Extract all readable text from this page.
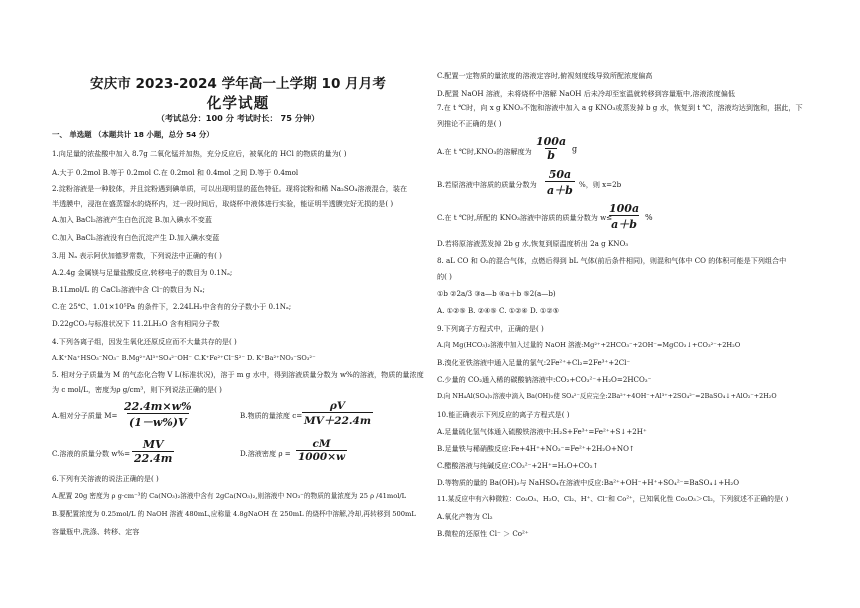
安庆市 2023-2024 学年高一上学期 10 月月考
化学试题
（考试总分：100 分 考试时长： 75 分钟）
一、 单选题 （本题共计 18 小题，总分 54 分）
1.向足量的浓盐酸中加入 8.7g 二氧化锰并加热，充分反应后，被氧化的 HCl 的物质的量为( )
A.大于 0.2mol B.等于 0.2mol C.在 0.2mol 和 0.4mol 之间 D.等于 0.4mol
2.淀粉溶液是一种胶体，并且淀粉遇到碘单质，可以出现明显的蓝色特征。现将淀粉和稀 Na₂SO₄溶液混合，装在
半透膜中，浸泡在盛蒸馏水的烧杯内，过一段时间后，取烧杯中液体进行实验，能证明半透膜完好无损的是( )
A.加入 BaCl₂溶液产生白色沉淀 B.加入碘水不变蓝
C.加入 BaCl₂溶液没有白色沉淀产生 D.加入碘水变蓝
3.用 Nₐ 表示阿伏加德罗常数，下列说法中正确的有( )
A.2.4g 金属镁与足量盐酸反应,转移电子的数目为 0.1Nₐ;
B.1Lmol/L 的 CaCl₂溶液中含 Cl⁻的数目为 Nₐ;
C.在 25℃、1.01×10⁵Pa 的条件下，2.24LH₂中含有的分子数小于 0.1Nₐ;
D.22gCO₂与标准状况下 11.2LH₂O 含有相同分子数
4.下列各离子组，因发生氧化还原反应而不大量共存的是( )
A.K⁺Na⁺HSO₃⁻NO₃⁻ B.Mg²⁺Al³⁺SO₄²⁻OH⁻ C.K⁺Fe²⁺Cl⁻S²⁻ D. K⁺Ba²⁺NO₃⁻SO₃²⁻
5. 相对分子质量为 M 的气态化合物 V L(标准状况)，溶于 m g 水中，得到溶液质量分数为 w%的溶液，物质的量浓度
为 c mol/L，密度为ρ g/cm³，则下列说法正确的是( )
A.相对分子质量 $M= \frac{22.4m\times w\%}{(1-w\%)V}$	B.物质的量浓度 $c= \frac{\rho V}{MV+22.4m}$
C.溶液的质量分数 $w\%= \frac{MV}{22.4m}$	D.溶液密度 $\rho = \frac{cM}{1000\times w}$
6.下列有关溶液的说法正确的是( )
A.配置 20g 密度为 ρ g·cm⁻³的 Ca(NO₃)₂溶液中含有 2gCa(NO₃)₂,则溶液中 NO₃⁻的物质的量浓度为 25 ρ /41mol/L
B.要配置浓度为 0.25mol/L 的 NaOH 溶液 480mL,应称量 4.8gNaOH 在 250mL 的烧杯中溶解,冷却,再转移到 500mL
容量瓶中,洗涤、转移、定容
C.配置一定物质的量浓度的溶液定容时,俯视刻度线导致所配浓度偏高
D.配置 NaOH 溶液，未将烧杯中溶解 NaOH 后未冷却至室温就转移到容量瓶中,溶液浓度偏低
7.在 t ℃时，向 x g KNO₃不饱和溶液中加入 a g KNO₃或蒸发掉 b g 水，恢复到 t ℃，溶液均达到饱和，据此，下
列推论不正确的是( )
A.在 t ℃时,KNO₃的溶解度为 $\frac{100a}{b}$ g
B.若原溶液中溶质的质量分数为 $\frac{50a}{a+b}$ %，则 x=2b
C.在 t ℃时,所配的 KNO₃溶液中溶质的质量分数为 w≤
$\frac{100a}{a+b}$ %
D.若将原溶液蒸发掉 2b g 水,恢复到原温度析出 2a g KNO₃
8. aL CO 和 O₂的混合气体，点燃后得到 bL 气体(前后条件相同)，则混和气体中 CO 的体积可能是下列组合中
的( )
①b ②2a/3 ③a—b ④a＋b ⑤2(a—b)
A. ①②⑤ B. ②④⑤ C. ①②④ D. ①②⑤
9.下列离子方程式中，正确的是( )
A.向 Mg(HCO₃)₂溶液中加入过量的 NaOH 溶液:Mg²⁺+2HCO₃⁻+2OH⁻=MgCO₃↓+CO₃²⁻+2H₂O
B.溴化亚铁溶液中通入足量的氯气:2Fe²⁺+Cl₂=2Fe³⁺+2Cl⁻
C.少量的 CO₂通入稀的碳酸钠溶液中:CO₂+CO₃²⁻+H₂O=2HCO₃⁻
D.向 NH₄Al(SO₄)₂溶液中滴入 Ba(OH)₂使 SO₄²⁻反应完全:2Ba²⁺+4OH⁻+Al³⁺+2SO₄²⁻=2BaSO₄↓+AlO₂⁻+2H₂O
10.能正确表示下列反应的离子方程式是( )
A.足量硫化氢气体通入硫酸铁溶液中:H₂S+Fe³⁺=Fe²⁺+S↓+2H⁺
B.足量铁与稀硝酸反应:Fe+4H⁺+NO₃⁻=Fe²⁺+2H₂O+NO↑
C.醋酸溶液与纯碱反应:CO₃²⁻+2H⁺=H₂O+CO₂↑
D.等物质的量的 Ba(OH)₂与 NaHSO₄在溶液中反应:Ba²⁺+OH⁻+H⁺+SO₄²⁻=BaSO₄↓+H₂O
11.某反应中有六种微粒：Co₂O₃、H₂O、Cl₂、H⁺、Cl⁻和 Co²⁺，已知氧化性 Co₂O₃＞Cl₂，下列叙述不正确的是( )
A.氧化产物为 Cl₂
B.微粒的还原性 Cl⁻ ＞ Co²⁺
